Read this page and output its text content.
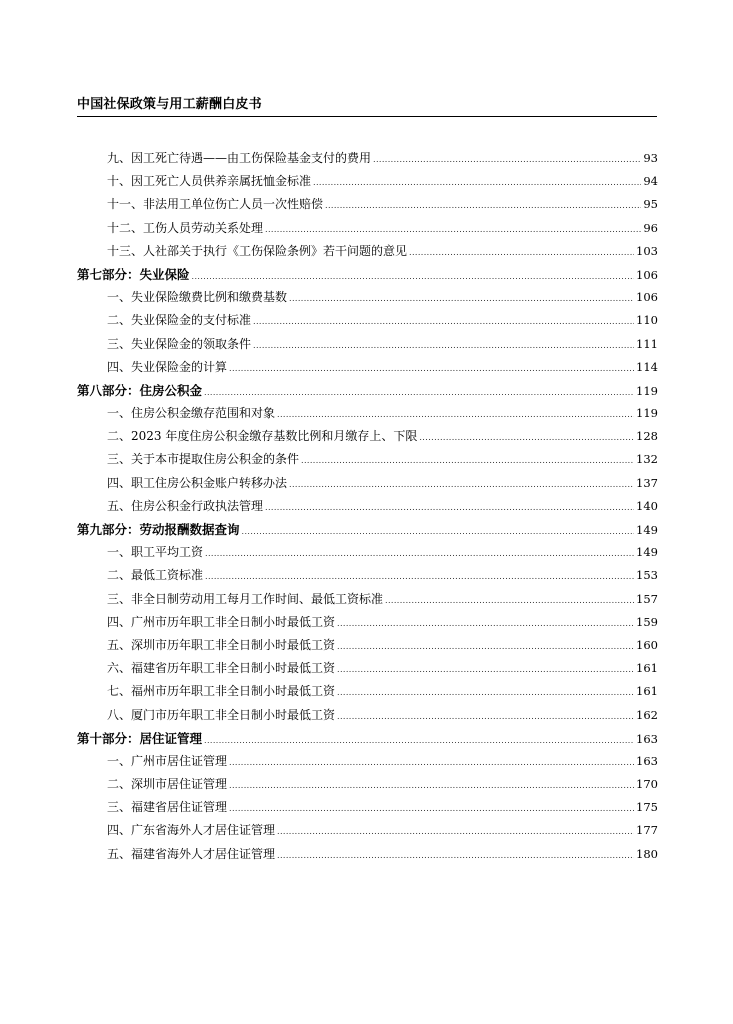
中国社保政策与用工薪酬白皮书
九、因工死亡待遇——由工伤保险基金支付的费用 .....	93
十、因工死亡人员供养亲属抚恤金标准 .....	94
十一、非法用工单位伤亡人员一次性赔偿 .....	95
十二、工伤人员劳动关系处理 .....	96
十三、人社部关于执行《工伤保险条例》若干问题的意见 .....	103
第七部分：失业保险 .....	106
一、失业保险缴费比例和缴费基数 .....	106
二、失业保险金的支付标准 .....	110
三、失业保险金的领取条件 .....	111
四、失业保险金的计算 .....	114
第八部分：住房公积金 .....	119
一、住房公积金缴存范围和对象 .....	119
二、2023 年度住房公积金缴存基数比例和月缴存上、下限 .....	128
三、关于本市提取住房公积金的条件 .....	132
四、职工住房公积金账户转移办法 .....	137
五、住房公积金行政执法管理 .....	140
第九部分：劳动报酬数据查询 .....	149
一、职工平均工资 .....	149
二、最低工资标准 .....	153
三、非全日制劳动用工每月工作时间、最低工资标准 .....	157
四、广州市历年职工非全日制小时最低工资 .....	159
五、深圳市历年职工非全日制小时最低工资 .....	160
六、福建省历年职工非全日制小时最低工资 .....	161
七、福州市历年职工非全日制小时最低工资 .....	161
八、厦门市历年职工非全日制小时最低工资 .....	162
第十部分：居住证管理 .....	163
一、广州市居住证管理 .....	163
二、深圳市居住证管理 .....	170
三、福建省居住证管理 .....	175
四、广东省海外人才居住证管理 .....	177
五、福建省海外人才居住证管理 .....	180
